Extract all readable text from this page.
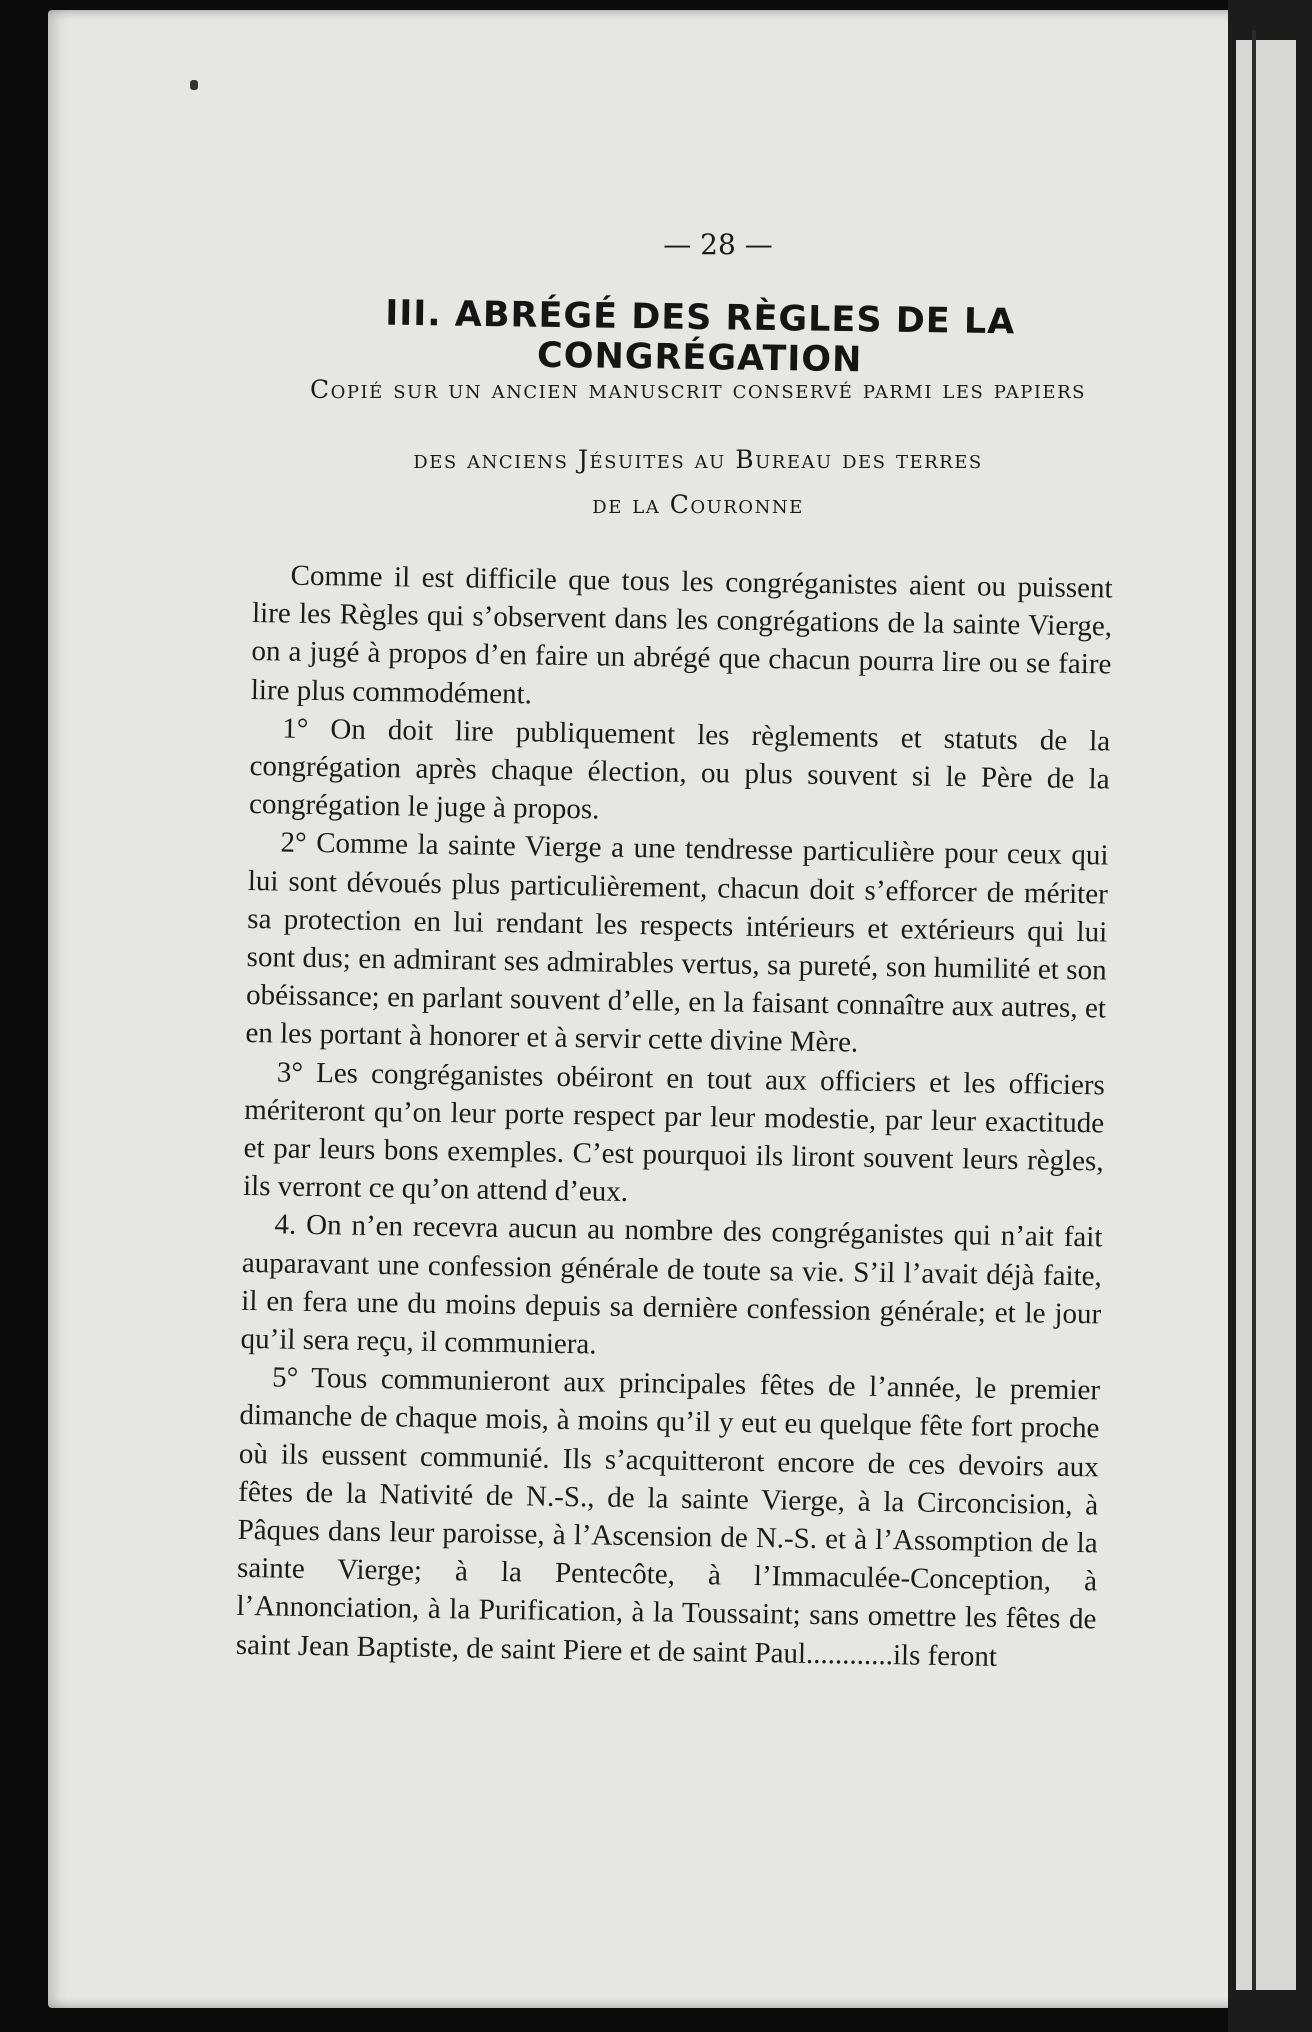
— 28 —
III. ABRÉGÉ DES RÈGLES DE LA CONGRÉGATION
Copié sur un ancien manuscrit conservé parmi les papiers
des anciens Jésuites au Bureau des terres
de la Couronne

Comme il est difficile que tous les congréganistes aient ou puissent lire les Règles qui s’observent dans les congrégations de la sainte Vierge, on a jugé à propos d’en faire un abrégé que chacun pourra lire ou se faire lire plus commodément.

1° On doit lire publiquement les règlements et statuts de la congrégation après chaque élection, ou plus souvent si le Père de la congrégation le juge à propos.

2° Comme la sainte Vierge a une tendresse particulière pour ceux qui lui sont dévoués plus particulièrement, chacun doit s’efforcer de mériter sa protection en lui rendant les respects intérieurs et extérieurs qui lui sont dus; en admirant ses admirables vertus, sa pureté, son humilité et son obéissance; en parlant souvent d’elle, en la faisant connaître aux autres, et en les portant à honorer et à servir cette divine Mère.

3° Les congréganistes obéiront en tout aux officiers et les officiers mériteront qu’on leur porte respect par leur modestie, par leur exactitude et par leurs bons exemples. C’est pourquoi ils liront souvent leurs règles, ils verront ce qu’on attend d’eux.

4. On n’en recevra aucun au nombre des congréganistes qui n’ait fait auparavant une confession générale de toute sa vie. S’il l’avait déjà faite, il en fera une du moins depuis sa dernière confession générale; et le jour qu’il sera reçu, il communiera.

5° Tous communieront aux principales fêtes de l’année, le premier dimanche de chaque mois, à moins qu’il y eut eu quelque fête fort proche où ils eussent communié. Ils s’acquitteront encore de ces devoirs aux fêtes de la Nativité de N.-S., de la sainte Vierge, à la Circoncision, à Pâques dans leur paroisse, à l’Ascension de N.-S. et à l’Assomption de la sainte Vierge; à la Pentecôte, à l’Immaculée-Conception, à l’Annonciation, à la Purification, à la Toussaint; sans omettre les fêtes de saint Jean Baptiste, de saint Piere et de saint Paul............ils feront
